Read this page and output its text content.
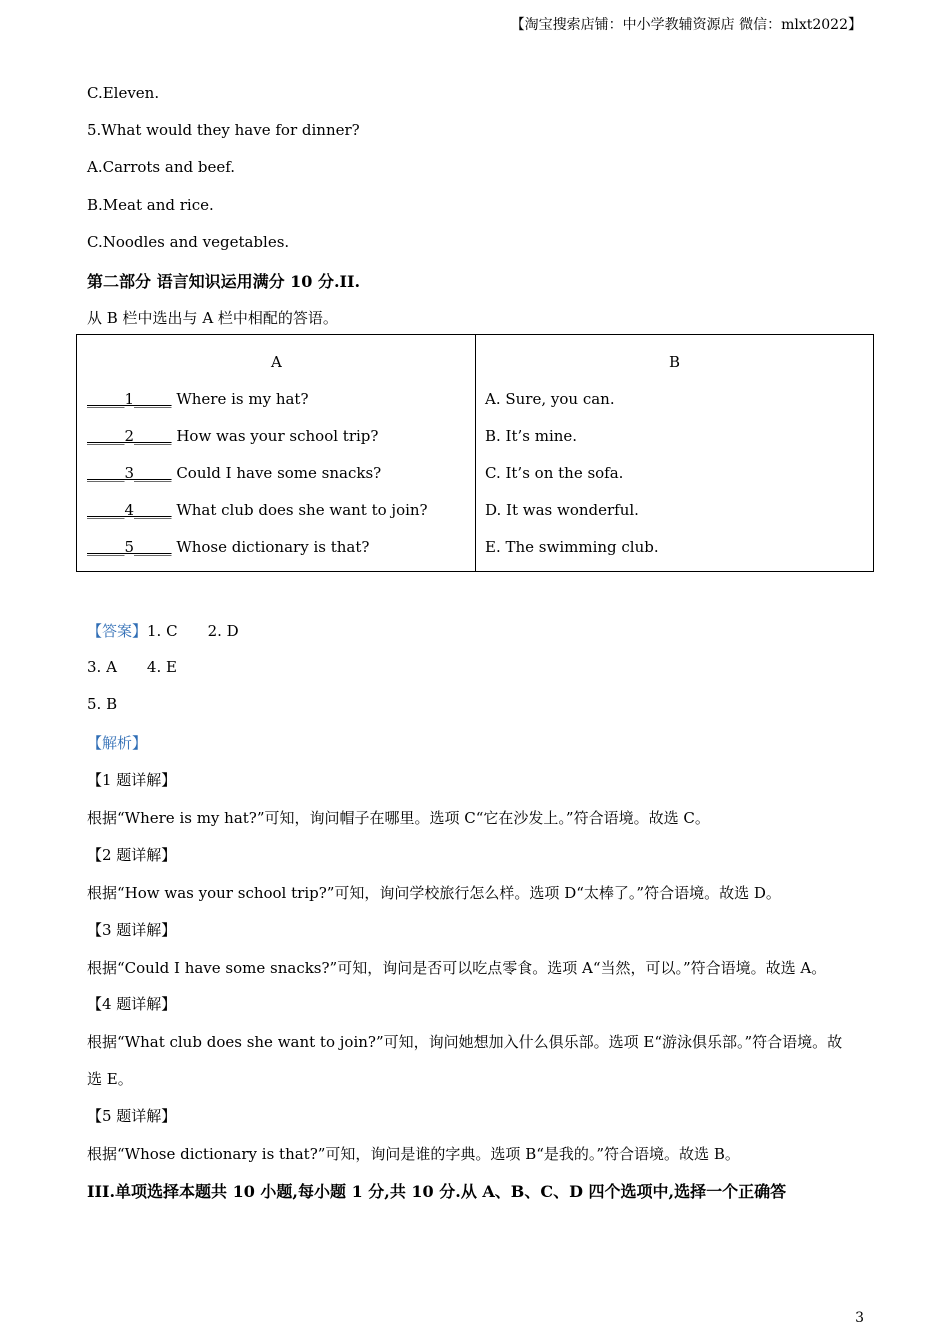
【淘宝搜索店铺：中小学教辅资源店 微信：mlxt2022】
C.Eleven.
5.What would they have for dinner?
A.Carrots and beef.
B.Meat and rice.
C.Noodles and vegetables.
第二部分 语言知识运用满分 10 分.II.
从 B 栏中选出与 A 栏中相配的答语。
A	B
_____1_____ Where is my hat?	A. Sure, you can.
_____2_____ How was your school trip?	B. It’s mine.
_____3_____ Could I have some snacks?	C. It’s on the sofa.
_____4_____ What club does she want to join?	D. It was wonderful.
_____5_____ Whose dictionary is that?	E. The swimming club.
【答案】1. C 2. D
3. A 4. E
5. B
【解析】
【1 题详解】
根据“Where is my hat?”可知，询问帽子在哪里。选项 C“它在沙发上。”符合语境。故选 C。
【2 题详解】
根据“How was your school trip?”可知，询问学校旅行怎么样。选项 D“太棒了。”符合语境。故选 D。
【3 题详解】
根据“Could I have some snacks?”可知，询问是否可以吃点零食。选项 A“当然，可以。”符合语境。故选 A。
【4 题详解】
根据“What club does she want to join?”可知，询问她想加入什么俱乐部。选项 E“游泳俱乐部。”符合语境。故
选 E。
【5 题详解】
根据“Whose dictionary is that?”可知，询问是谁的字典。选项 B“是我的。”符合语境。故选 B。
III.单项选择本题共 10 小题,每小题 1 分,共 10 分.从 A、B、C、D 四个选项中,选择一个正确答
3
